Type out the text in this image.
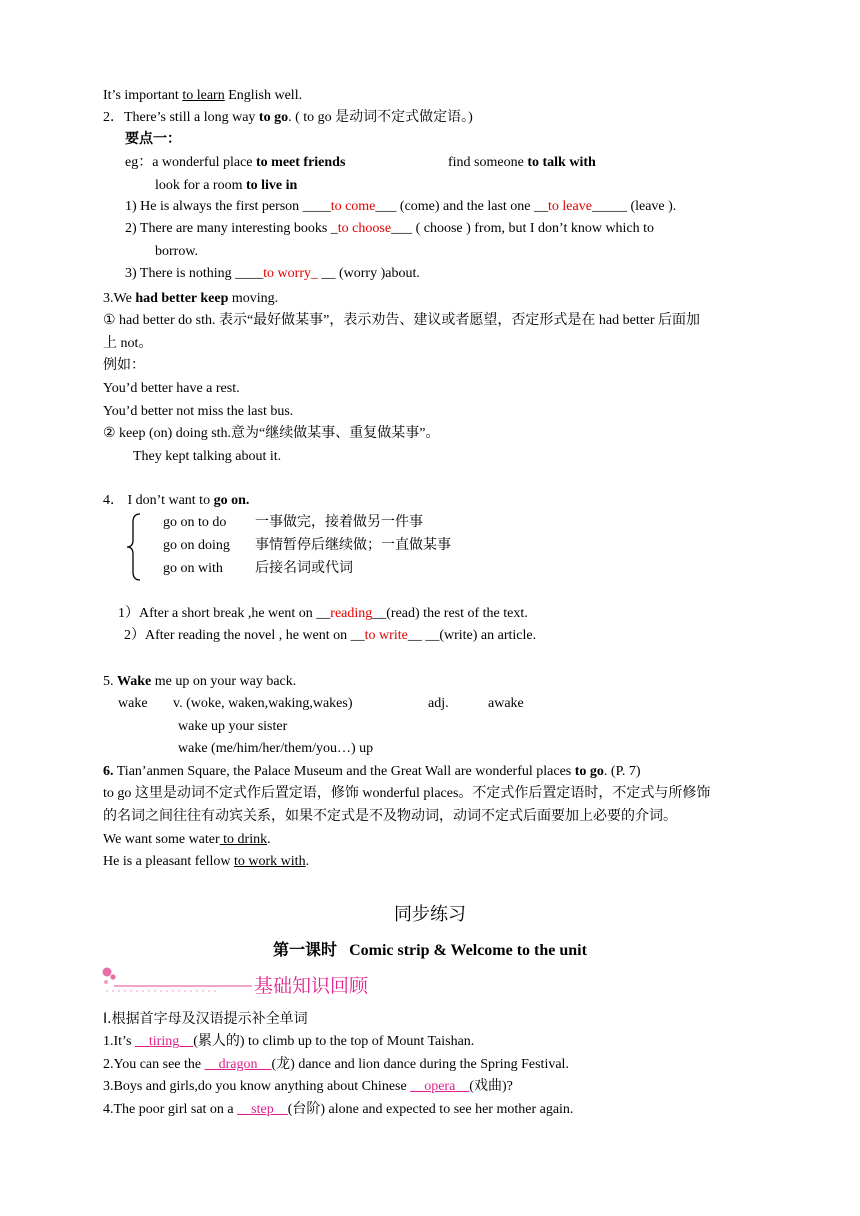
It’s important to learn English well.
2．There’s still a long way to go. ( to go 是动词不定式做定语。)
要点一：
eg：a wonderful place to meet friends	find someone to talk with
look for a room to live in
1) He is always the first person ____to come___ (come) and the last one __to leave_____ (leave ).
2) There are many interesting books _to choose___ ( choose ) from, but I don’t know which to
borrow.
3) There is nothing ____to worry_ __ (worry )about.
3.We had better keep moving.
① had better do sth. 表示“最好做某事”，表示劝告、建议或者愿望，否定形式是在 had better 后面加
上 not。
例如：
You’d better have a rest.
You’d better not miss the last bus.
② keep (on) doing sth.意为“继续做某事、重复做某事”。
They kept talking about it.
4． I don’t want to go on.
go on to do 一事做完，接着做另一件事
go on doing 事情暂停后继续做；一直做某事
go on with 后接名词或代词
1）After a short break ,he went on __reading__(read) the rest of the text.
2）After reading the novel , he went on __to write__ __(write) an article.
5. Wake me up on your way back.
wake v. (woke, waken,waking,wakes)	adj.	awake
wake up your sister
wake (me/him/her/them/you…) up
6. Tian’anmen Square, the Palace Museum and the Great Wall are wonderful places to go. (P. 7)
to go 这里是动词不定式作后置定语，修饰 wonderful places。不定式作后置定语时，不定式与所修饰
的名词之间往往有动宾关系，如果不定式是不及物动词，动词不定式后面要加上必要的介词。
We want some water to drink.
He is a pleasant fellow to work with.
同步练习
第一课时 Comic strip & Welcome to the unit
基础知识回顾
Ⅰ.根据首字母及汉语提示补全单词
1.It’s __tiring__(累人的) to climb up to the top of Mount Taishan.
2.You can see the __dragon__(龙) dance and lion dance during the Spring Festival.
3.Boys and girls,do you know anything about Chinese __opera__(戏曲)?
4.The poor girl sat on a __step__(台阶) alone and expected to see her mother again.
